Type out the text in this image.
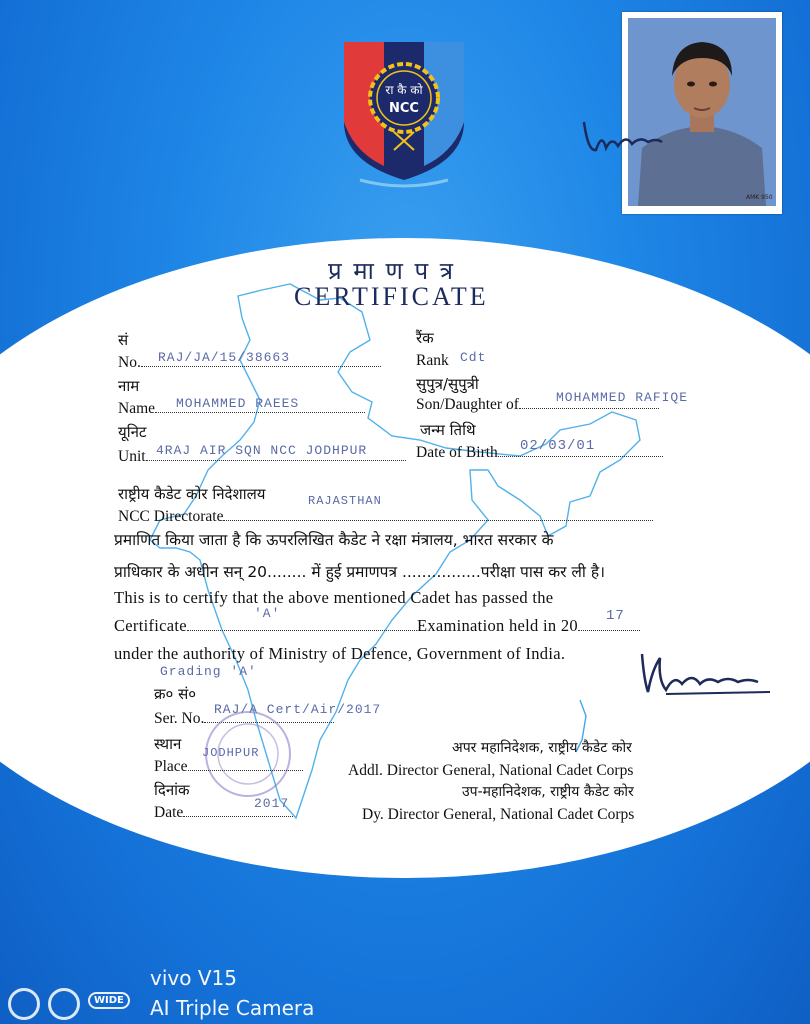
रा कै को
NCC
AMK 950
प्र मा ण प त्र
CERTIFICATE
सं
No.	RAJ/JA/15/38663
रैंक
Rank Cdt
नाम
Name	MOHAMMED RAEES
सुपुत्र/सुपुत्री
Son/Daughter of	MOHAMMED RAFIQE
यूनिट
Unit 4RAJ AIR SQN NCC JODHPUR
जन्म तिथि
Date of Birth	02/03/01
राष्ट्रीय कैडेट कोर निदेशालय
NCC Directorate
RAJASTHAN
प्रमाणित किया जाता है कि ऊपरलिखित कैडेट ने रक्षा मंत्रालय, भारत सरकार के
प्राधिकार के अधीन सन् 20........ में हुई प्रमाणपत्र ................परीक्षा पास कर ली है।
This is to certify that the above mentioned Cadet has passed the
Certificate	Examination held in 20
'A'	17
under the authority of Ministry of Defence, Government of India.
Grading 'A'
क्र० सं०
Ser. No.
RAJ/A Cert/Air/2017
स्थान
Place
JODHPUR
दिनांक
Date
2017
अपर महानिदेशक, राष्ट्रीय कैडेट कोर
Addl. Director General, National Cadet Corps
उप-महानिदेशक, राष्ट्रीय कैडेट कोर
Dy. Director General, National Cadet Corps
WIDE
vivo V15
AI Triple Camera
